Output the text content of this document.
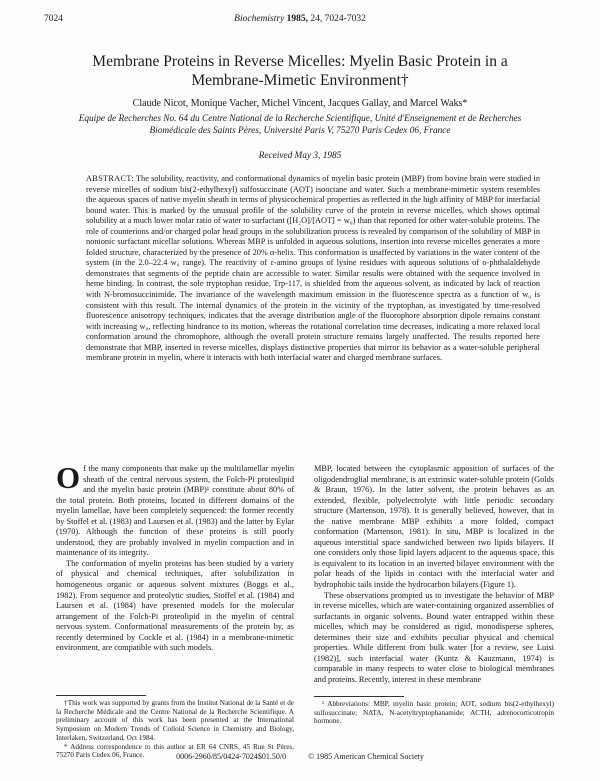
7024	Biochemistry 1985, 24, 7024-7032
Membrane Proteins in Reverse Micelles: Myelin Basic Protein in a
Membrane-Mimetic Environment†
Claude Nicot, Monique Vacher, Michel Vincent, Jacques Gallay, and Marcel Waks*
Equipe de Recherches No. 64 du Centre National de la Recherche Scientifique, Unité d'Enseignement et de Recherches
Biomédicale des Saints Pères, Université Paris V, 75270 Paris Cedex 06, France
Received May 3, 1985
ABSTRACT: The solubility, reactivity, and conformational dynamics of myelin basic protein (MBP) from bovine brain were studied in reverse micelles of sodium bis(2-ethylhexyl) sulfosuccinate (AOT) isooctane and water. Such a membrane-mimetic system resembles the aqueous spaces of native myelin sheath in terms of physicochemical properties as reflected in the high affinity of MBP for interfacial bound water. This is marked by the unusual profile of the solubility curve of the protein in reverse micelles, which shows optimal solubility at a much lower molar ratio of water to surfactant ([H₂O]/[AOT] = w₀) than that reported for other water-soluble proteins. The role of counterions and/or charged polar head groups in the solubilization process is revealed by comparison of the solubility of MBP in nonionic surfactant micellar solutions. Whereas MBP is unfolded in aqueous solutions, insertion into reverse micelles generates a more folded structure, characterized by the presence of 20% α-helix. This conformation is unaffected by variations in the water content of the system (in the 2.0–22.4 w₀ range). The reactivity of ε-amino groups of lysine residues with aqueous solutions of o-phthalaldehyde demonstrates that segments of the peptide chain are accessible to water. Similar results were obtained with the sequence involved in heme binding. In contrast, the sole tryptophan residue, Trp-117, is shielded from the aqueous solvent, as indicated by lack of reaction with N-bromosuccinimide. The invariance of the wavelength maximum emission in the fluorescence spectra as a function of w₀ is consistent with this result. The internal dynamics of the protein in the vicinity of the tryptophan, as investigated by time-resolved fluorescence anisotropy techniques, indicates that the average distribution angle of the fluorophore absorption dipole remains constant with increasing w₀, reflecting hindrance to its motion, whereas the rotational correlation time decreases, indicating a more relaxed local conformation around the chromophore, although the overall protein structure remains largely unaffected. The results reported here demonstrate that MBP, inserted in reverse micelles, displays distinctive properties that mirror its behavior as a water-soluble peripheral membrane protein in myelin, where it interacts with both interfacial water and charged membrane surfaces.

Of the many components that make up the multilamellar myelin sheath of the central nervous system, the Folch-Pi proteolipid and the myelin basic protein (MBP)¹ constitute about 80% of the total protein. Both proteins, located in different domains of the myelin lamellae, have been completely sequenced: the former recently by Stoffel et al. (1983) and Laursen et al. (1983) and the latter by Eylar (1970). Although the function of these proteins is still poorly understood, they are probably involved in myelin compaction and in maintenance of its integrity.

The conformation of myelin proteins has been studied by a variety of physical and chemical techniques, after solubilization in homogeneous organic or aqueous solvent mixtures (Boggs et al., 1982). From sequence and proteolytic studies, Stoffel et al. (1984) and Laursen et al. (1984) have presented models for the molecular arrangement of the Folch-Pi proteolipid in the myelin of central nervous system. Conformational measurements of the protein by, as recently determined by Cockle et al. (1984) in a membrane-mimetic environment, are compatible with such models.

MBP, located between the cytoplasmic apposition of surfaces of the oligodendroglial membrane, is an extrinsic water-soluble protein (Golds & Braun, 1976). In the latter solvent, the protein behaves as an extended, flexible, polyelectrolyte with little periodic secondary structure (Martenson, 1978). It is generally believed, however, that in the native membrane MBP exhibits a more folded, compact conformation (Martenson, 1981). In situ, MBP is localized in the aqueous interstitial space sandwiched between two lipids bilayers. If one considers only those lipid layers adjacent to the aqueous space, this is equivalent to its location in an inverted bilayer environment with the polar heads of the lipids in contact with the interfacial water and hydrophobic tails inside the hydrocarbon bilayers (Figure 1).

These observations prompted us to investigate the behavior of MBP in reverse micelles, which are water-containing organized assemblies of surfactants in organic solvents. Bound water entrapped within these micelles, which may be considered as rigid, monodisperse spheres, determines their size and exhibits peculiar physical and chemical properties. While different from bulk water [for a review, see Luisi (1982)], such interfacial water (Kuntz & Kauzmann, 1974) is comparable in many respects to water close to biological membranes and proteins. Recently, interest in these membrane

†This work was supported by grants from the Institut National de la Santé et de la Recherche Médicale and the Centre National de la Recherche Scientifique. A preliminary account of this work has been presented at the International Symposium on Modern Trends of Colloid Science in Chemistry and Biology, Interlaken, Switzerland, Oct 1984.

* Address correspondence to this author at ER 64 CNRS, 45 Rue St Pères, 75270 Paris Cedex 06, France.

¹ Abbreviations: MBP, myelin basic protein; AOT, sodium bis(2-ethylhexyl) sulfosuccinate; NATA, N-acetyltryptophanamide; ACTH, adrenocorticotropin hormone.

0006-2960/85/0424-7024$01.50/0	© 1985 American Chemical Society
